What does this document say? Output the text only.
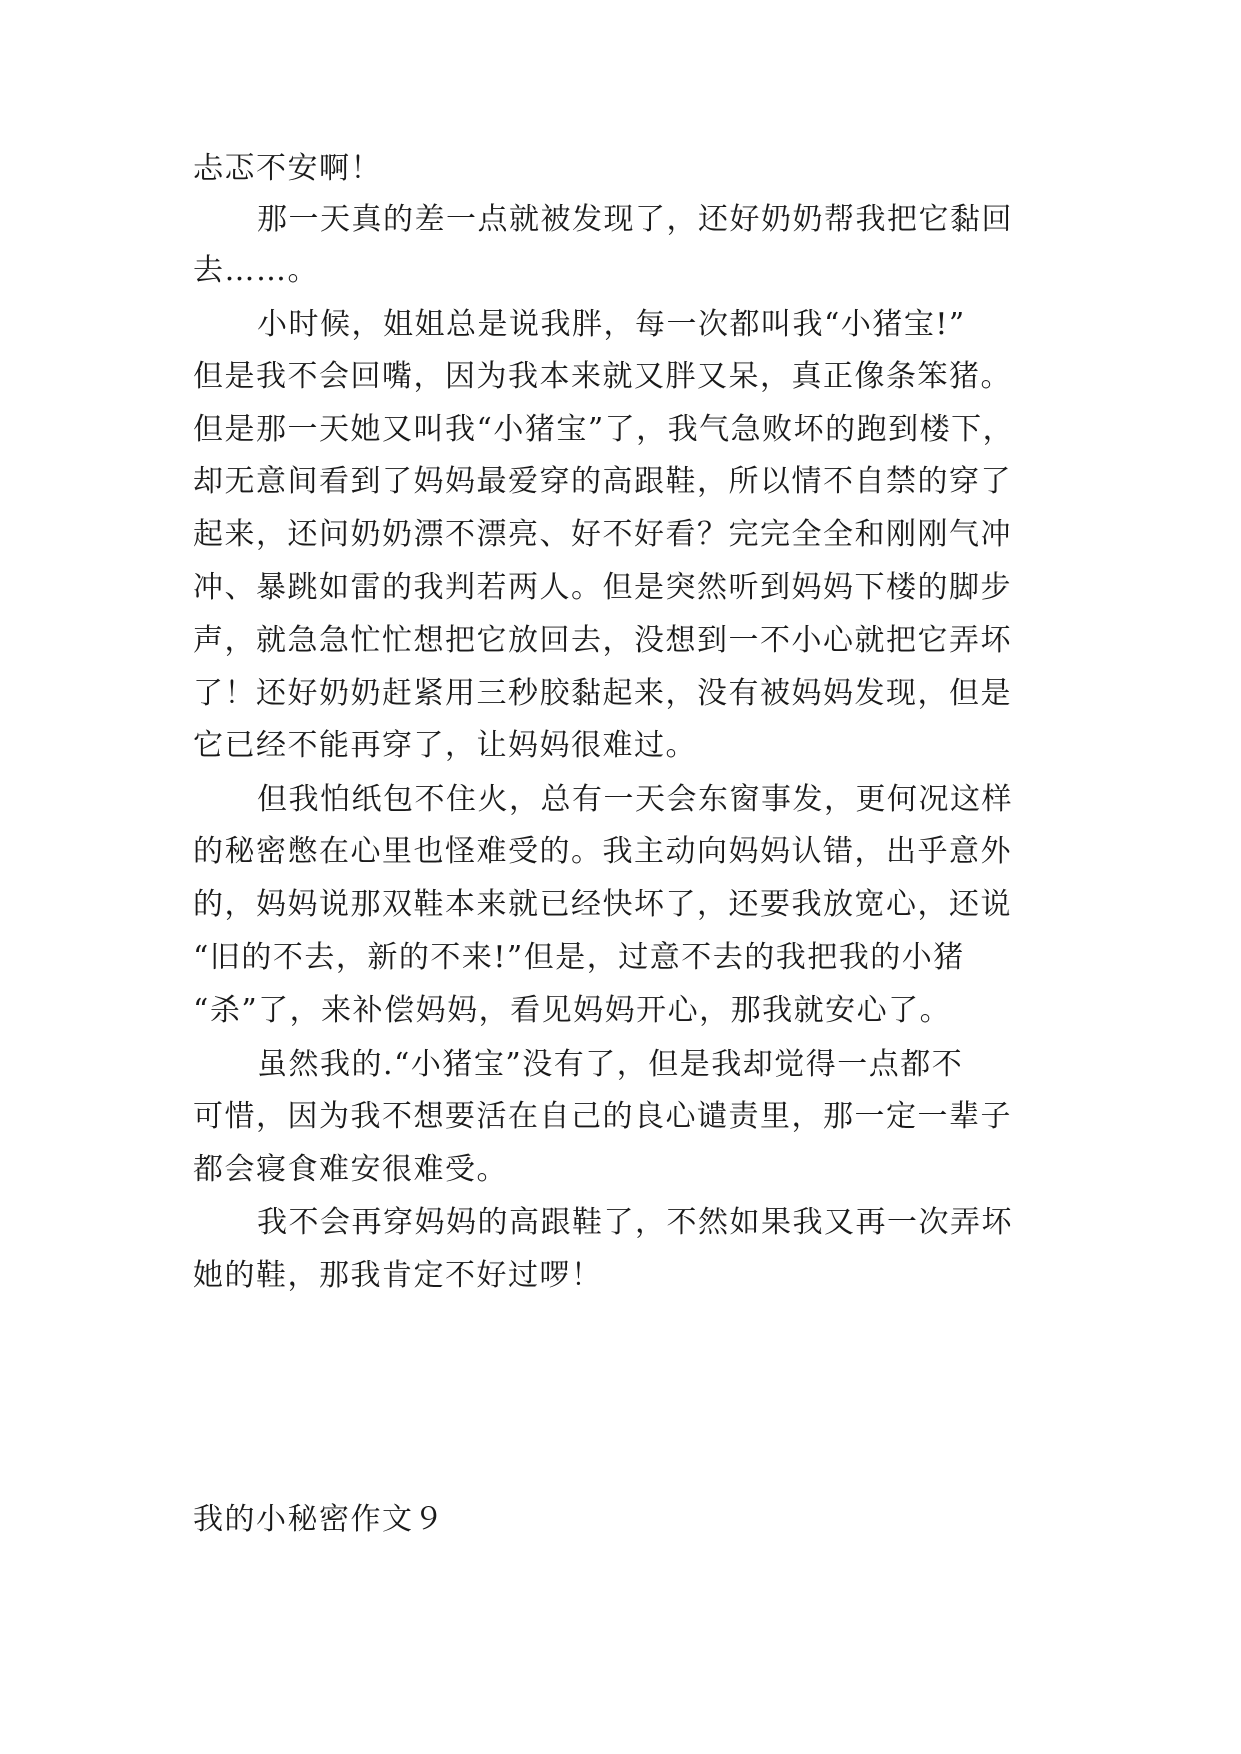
忐忑不安啊！
那一天真的差一点就被发现了，还好奶奶帮我把它黏回
去……。
小时候，姐姐总是说我胖，每一次都叫我“小猪宝!”
但是我不会回嘴，因为我本来就又胖又呆，真正像条笨猪。
但是那一天她又叫我“小猪宝”了，我气急败坏的跑到楼下，
却无意间看到了妈妈最爱穿的高跟鞋，所以情不自禁的穿了
起来，还问奶奶漂不漂亮、好不好看？完完全全和刚刚气冲
冲、暴跳如雷的我判若两人。但是突然听到妈妈下楼的脚步
声，就急急忙忙想把它放回去，没想到一不小心就把它弄坏
了！还好奶奶赶紧用三秒胶黏起来，没有被妈妈发现，但是
它已经不能再穿了，让妈妈很难过。
但我怕纸包不住火，总有一天会东窗事发，更何况这样
的秘密憋在心里也怪难受的。我主动向妈妈认错，出乎意外
的，妈妈说那双鞋本来就已经快坏了，还要我放宽心，还说
“旧的不去，新的不来!”但是，过意不去的我把我的小猪
“杀”了，来补偿妈妈，看见妈妈开心，那我就安心了。
虽然我的.“小猪宝”没有了，但是我却觉得一点都不
可惜，因为我不想要活在自己的良心谴责里，那一定一辈子
都会寝食难安很难受。
我不会再穿妈妈的高跟鞋了，不然如果我又再一次弄坏
她的鞋，那我肯定不好过啰！
我的小秘密作文９
